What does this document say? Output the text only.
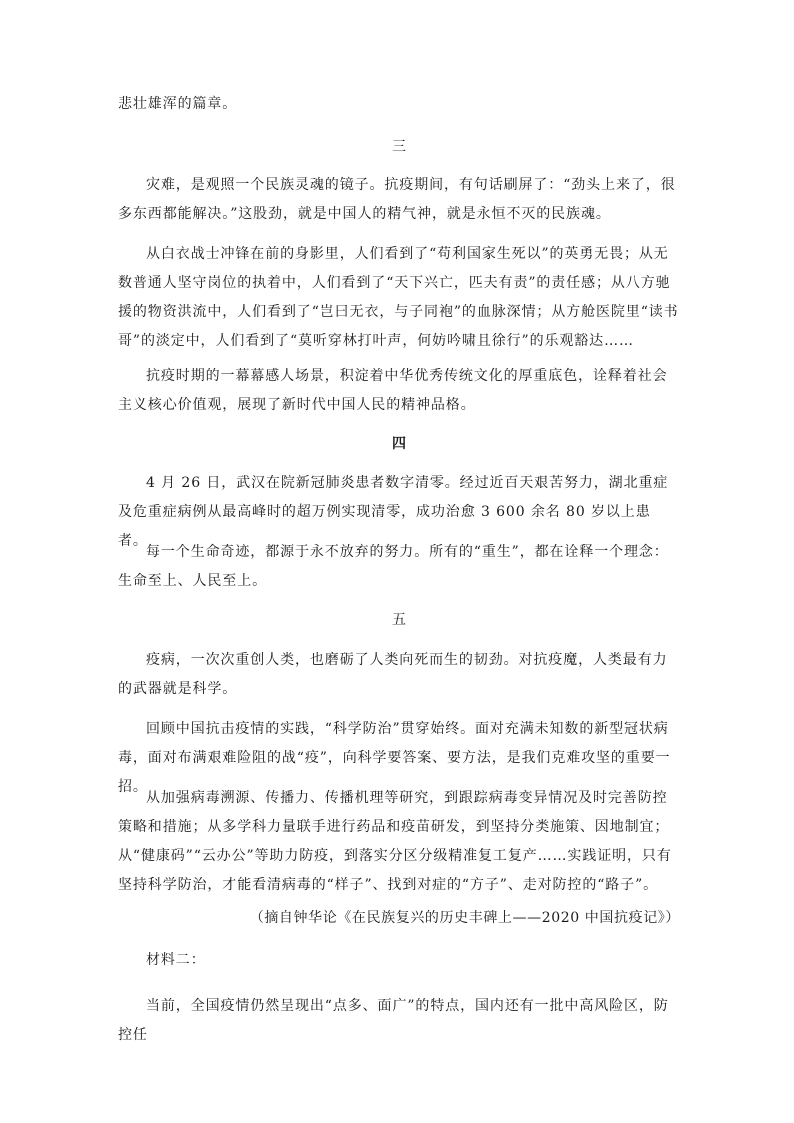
悲壮雄浑的篇章。

三

灾难，是观照一个民族灵魂的镜子。抗疫期间，有句话刷屏了：“劲头上来了，很多东西都能解决。”这股劲，就是中国人的精气神，就是永恒不灭的民族魂。

从白衣战士冲锋在前的身影里，人们看到了“苟利国家生死以”的英勇无畏；从无数普通人坚守岗位的执着中，人们看到了“天下兴亡，匹夫有责”的责任感；从八方驰援的物资洪流中，人们看到了“岂曰无衣，与子同袍”的血脉深情；从方舱医院里“读书哥”的淡定中，人们看到了“莫听穿林打叶声，何妨吟啸且徐行”的乐观豁达……

抗疫时期的一幕幕感人场景，积淀着中华优秀传统文化的厚重底色，诠释着社会主义核心价值观，展现了新时代中国人民的精神品格。

四

4 月 26 日，武汉在院新冠肺炎患者数字清零。经过近百天艰苦努力，湖北重症及危重症病例从最高峰时的超万例实现清零，成功治愈 3 600 余名 80 岁以上患者。

每一个生命奇迹，都源于永不放弃的努力。所有的“重生”，都在诠释一个理念：生命至上、人民至上。

五

疫病，一次次重创人类，也磨砺了人类向死而生的韧劲。对抗疫魔，人类最有力的武器就是科学。

回顾中国抗击疫情的实践，“科学防治”贯穿始终。面对充满未知数的新型冠状病毒，面对布满艰难险阻的战“疫”，向科学要答案、要方法，是我们克难攻坚的重要一招。

从加强病毒溯源、传播力、传播机理等研究，到跟踪病毒变异情况及时完善防控策略和措施；从多学科力量联手进行药品和疫苗研发，到坚持分类施策、因地制宜；从“健康码”“云办公”等助力防疫，到落实分区分级精准复工复产……实践证明，只有坚持科学防治，才能看清病毒的“样子”、找到对症的“方子”、走对防控的“路子”。

（摘自钟华论《在民族复兴的历史丰碑上——2020 中国抗疫记》）

材料二：

当前，全国疫情仍然呈现出“点多、面广”的特点，国内还有一批中高风险区，防控任
